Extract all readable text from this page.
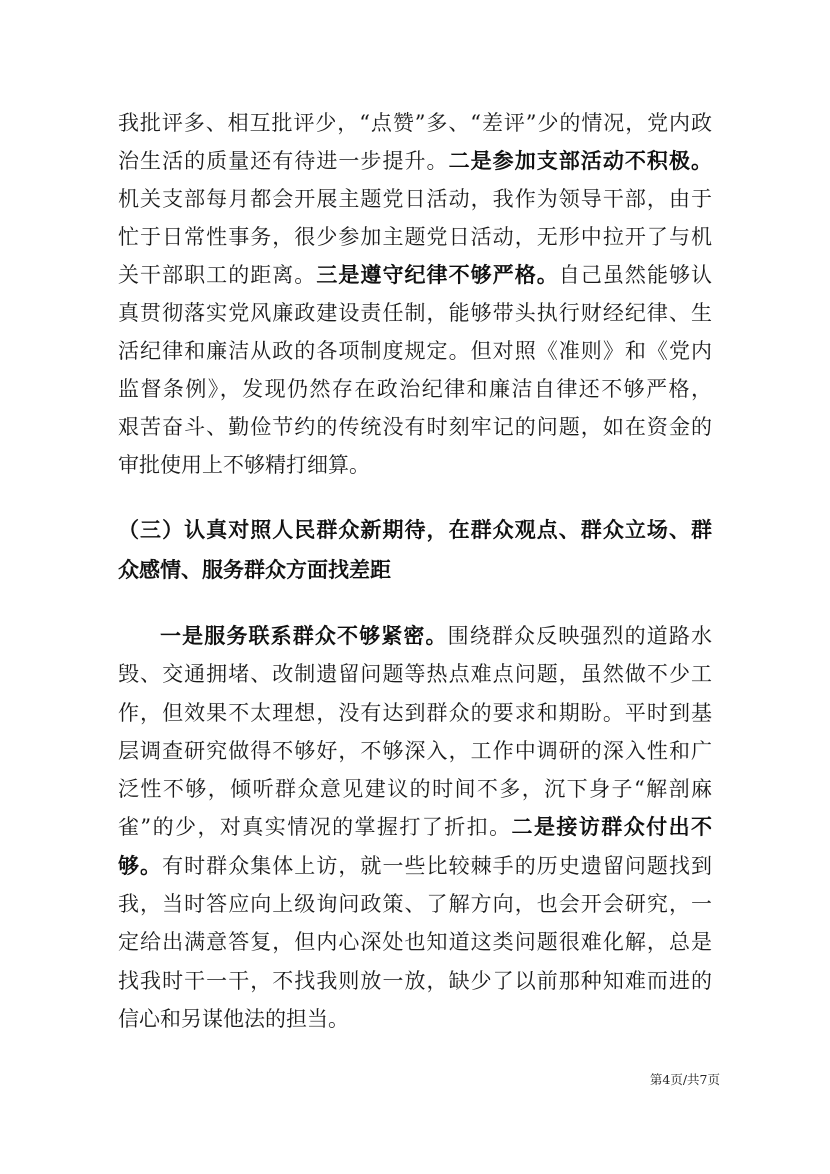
我批评多、相互批评少，“点赞”多、“差评”少的情况，党内政
治生活的质量还有待进一步提升。二是参加支部活动不积极。
机关支部每月都会开展主题党日活动，我作为领导干部，由于
忙于日常性事务，很少参加主题党日活动，无形中拉开了与机
关干部职工的距离。三是遵守纪律不够严格。自己虽然能够认
真贯彻落实党风廉政建设责任制，能够带头执行财经纪律、生
活纪律和廉洁从政的各项制度规定。但对照《准则》和《党内
监督条例》，发现仍然存在政治纪律和廉洁自律还不够严格，
艰苦奋斗、勤俭节约的传统没有时刻牢记的问题，如在资金的
审批使用上不够精打细算。
（三）认真对照人民群众新期待，在群众观点、群众立场、群
众感情、服务群众方面找差距
一是服务联系群众不够紧密。围绕群众反映强烈的道路水
毁、交通拥堵、改制遗留问题等热点难点问题，虽然做不少工
作，但效果不太理想，没有达到群众的要求和期盼。平时到基
层调查研究做得不够好，不够深入，工作中调研的深入性和广
泛性不够，倾听群众意见建议的时间不多，沉下身子“解剖麻
雀”的少，对真实情况的掌握打了折扣。二是接访群众付出不
够。有时群众集体上访，就一些比较棘手的历史遗留问题找到
我，当时答应向上级询问政策、了解方向，也会开会研究，一
定给出满意答复，但内心深处也知道这类问题很难化解，总是
找我时干一干，不找我则放一放，缺少了以前那种知难而进的
信心和另谋他法的担当。
第4页/共7页
